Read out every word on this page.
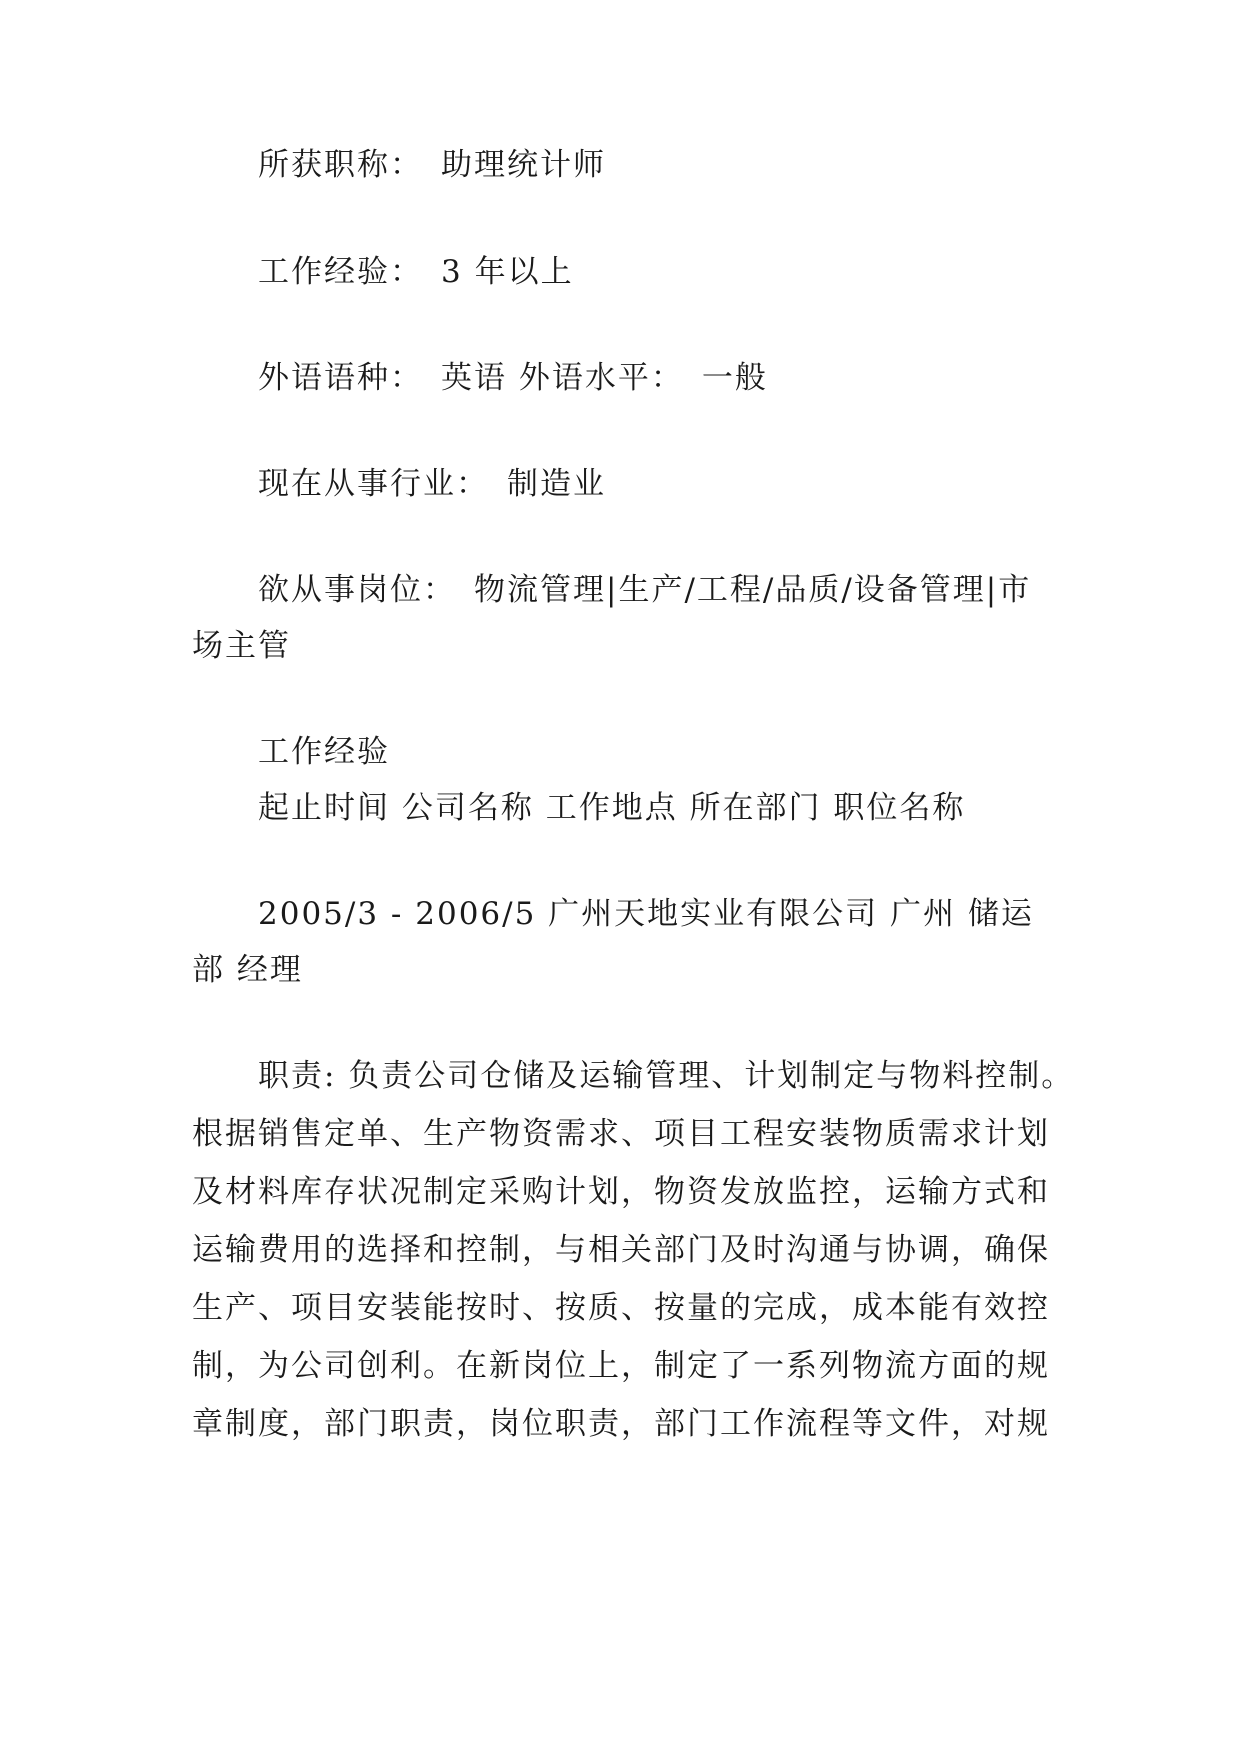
所获职称： 助理统计师
工作经验： 3 年以上
外语语种： 英语 外语水平： 一般
现在从事行业： 制造业
欲从事岗位： 物流管理|生产/工程/品质/设备管理|市
场主管
工作经验
起止时间 公司名称 工作地点 所在部门 职位名称
2005/3 - 2006/5 广州天地实业有限公司 广州 储运
部 经理
职责: 负责公司仓储及运输管理、计划制定与物料控制。
根据销售定单、生产物资需求、项目工程安装物质需求计划
及材料库存状况制定采购计划，物资发放监控，运输方式和
运输费用的选择和控制，与相关部门及时沟通与协调，确保
生产、项目安装能按时、按质、按量的完成，成本能有效控
制，为公司创利。在新岗位上，制定了一系列物流方面的规
章制度，部门职责，岗位职责，部门工作流程等文件，对规
